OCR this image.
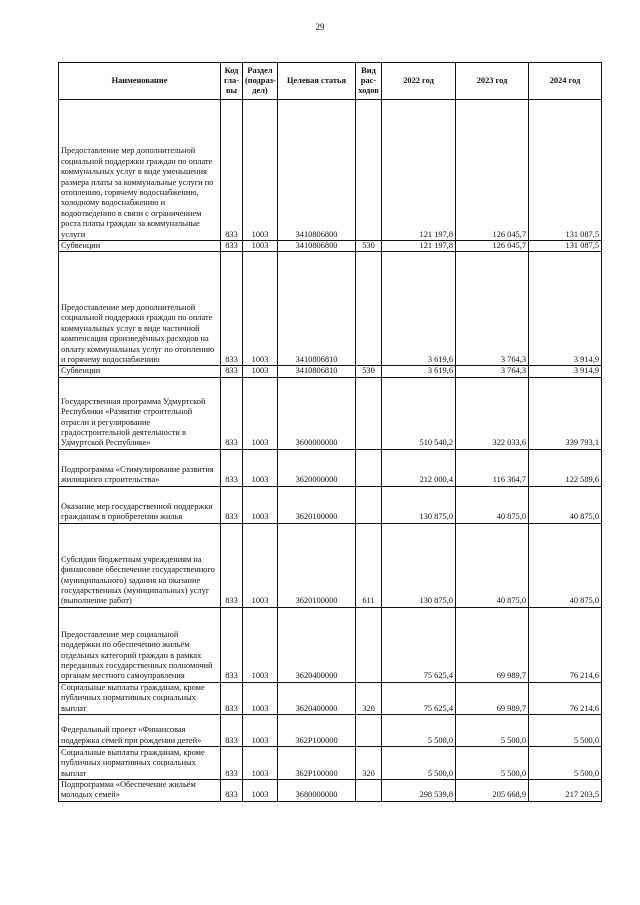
29
Наименование	Код гла- вы	Раздел (подраз- дел)	Целевая статья	Вид рас- ходов	2022 год	2023 год	2024 год
Предоставление мер дополнительной социальной поддержки граждан по оплате коммунальных услуг в виде уменьшения размера платы за коммунальные услуги по отоплению, горячему водоснабжению, холодному водоснабжению и водоотведению в связи с ограничением роста платы граждан за коммунальные услуги	833	1003	3410806800		121 197,8	126 045,7	131 087,5
Субвенции	833	1003	3410806800	530	121 197,8	126 045,7	131 087,5
Предоставление мер дополнительной социальной поддержки граждан по оплате коммунальных услуг в виде частичной компенсации произведённых расходов на оплату коммунальных услуг по отоплению и горячему водоснабжению	833	1003	3410806810		3 619,6	3 764,3	3 914,9
Субвенции	833	1003	3410806810	530	3 619,6	3 764,3	3 914,9
Государственная программа Удмуртской Республики «Развитие строительной отрасли и регулирование градостроительной деятельности в Удмуртской Республике»	833	1003	3600000000		510 540,2	322 033,6	339 793,1
Подпрограмма «Стимулирование развития жилищного строительства»	833	1003	3620000000		212 000,4	116 364,7	122 589,6
Оказание мер государственной поддержки гражданам в приобретении жилья	833	1003	3620100000		130 875,0	40 875,0	40 875,0
Субсидии бюджетным учреждениям на финансовое обеспечение государственного (муниципального) задания на оказание государственных (муниципальных) услуг (выполнение работ)	833	1003	3620100000	611	130 875,0	40 875,0	40 875,0
Предоставление мер социальной поддержки по обеспечению жильём отдельных категорий граждан в рамках переданных государственных полномочий органам местного самоуправления	833	1003	3620400000		75 625,4	69 989,7	76 214,6
Социальные выплаты гражданам, кроме публичных нормативных социальных выплат	833	1003	3620400000	320	75 625,4	69 989,7	76 214,6
Федеральный проект «Финансовая поддержка семей при рождении детей»	833	1003	362P100000		5 500,0	5 500,0	5 500,0
Социальные выплаты гражданам, кроме публичных нормативных социальных выплат	833	1003	362P100000	320	5 500,0	5 500,0	5 500,0
Подпрограмма «Обеспечение жильём молодых семей»	833	1003	3680000000		298 539,8	205 668,9	217 203,5
